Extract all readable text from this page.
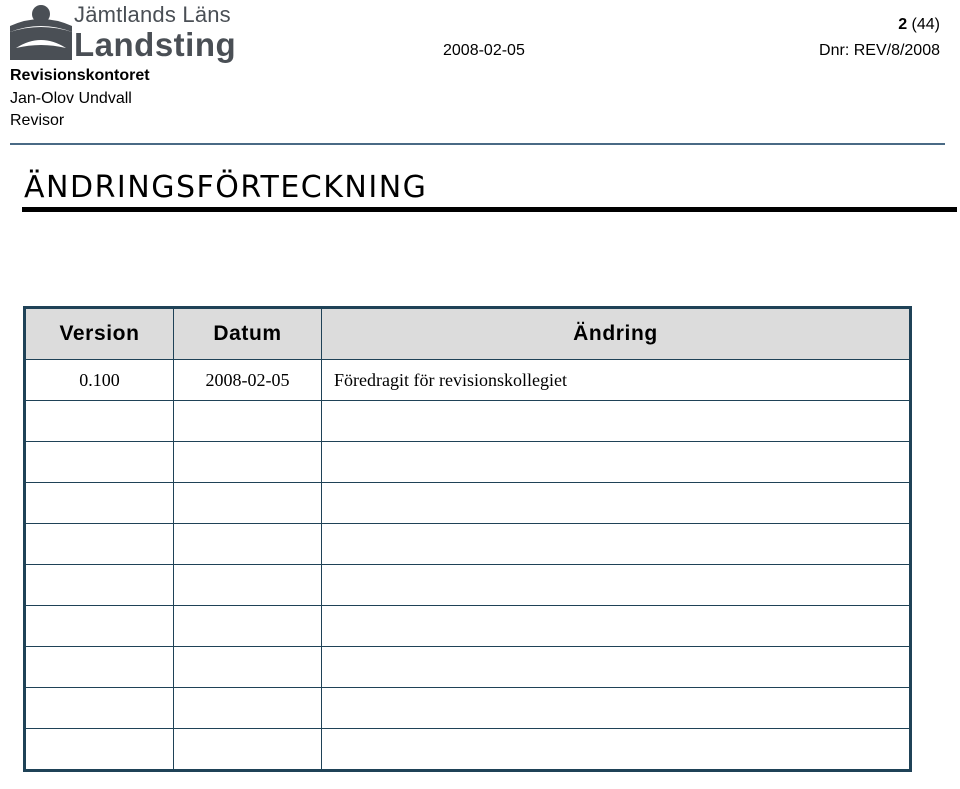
Jämtlands Läns
Landsting
Revisionskontoret
Jan-Olov Undvall
Revisor
2008-02-05
2 (44)
Dnr: REV/8/2008
ÄNDRINGSFÖRTECKNING
Version	Datum	Ändring
0.100	2008-02-05	Föredragit för revisionskollegiet
